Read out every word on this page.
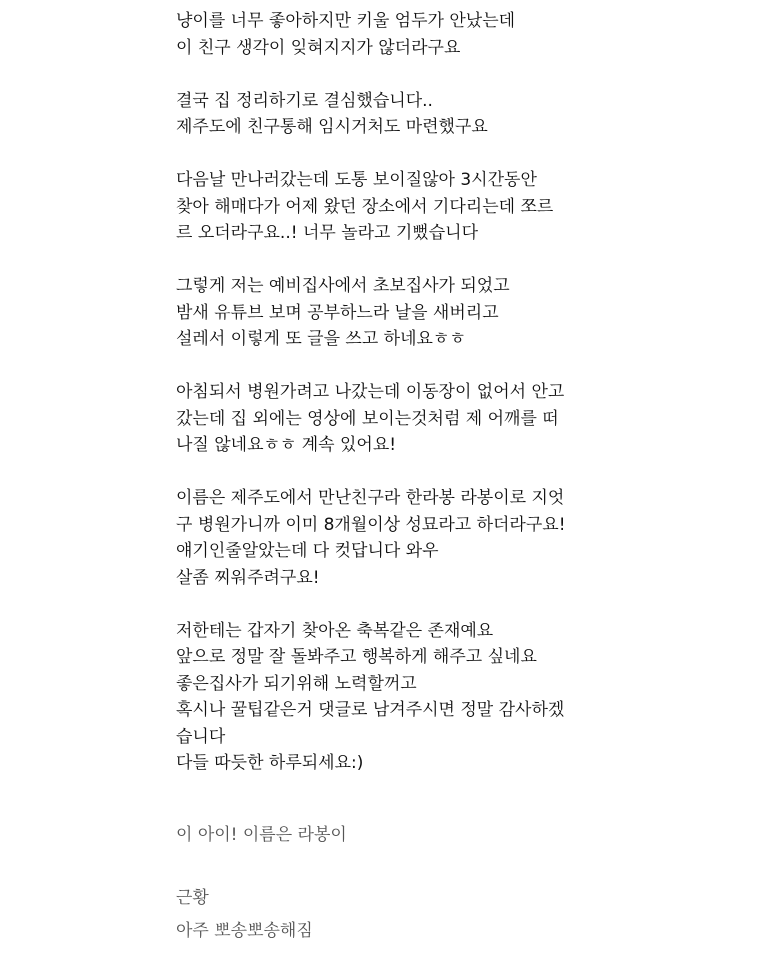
냥이를 너무 좋아하지만 키울 엄두가 안났는데
이 친구 생각이 잊혀지지가 않더라구요
결국 집 정리하기로 결심했습니다..
제주도에 친구통해 임시거처도 마련했구요
다음날 만나러갔는데 도통 보이질않아 3시간동안
찾아 해매다가 어제 왔던 장소에서 기다리는데 쪼르
르 오더라구요..! 너무 놀라고 기뻤습니다
그렇게 저는 예비집사에서 초보집사가 되었고
밤새 유튜브 보며 공부하느라 날을 새버리고
설레서 이렇게 또 글을 쓰고 하네요ㅎㅎ
아침되서 병원가려고 나갔는데 이동장이 없어서 안고
갔는데 집 외에는 영상에 보이는것처럼 제 어깨를 떠
나질 않네요ㅎㅎ 계속 있어요!
이름은 제주도에서 만난친구라 한라봉 라봉이로 지엇
구 병원가니까 이미 8개월이상 성묘라고 하더라구요!
얘기인줄알았는데 다 컷답니다 와우
살좀 찌워주려구요!
저한테는 갑자기 찾아온 축복같은 존재예요
앞으로 정말 잘 돌봐주고 행복하게 해주고 싶네요
좋은집사가 되기위해 노력할꺼고
혹시나 꿀팁같은거 댓글로 남겨주시면 정말 감사하겠
습니다
다들 따듯한 하루되세요:)
이 아이! 이름은 라봉이
근황
아주 뽀송뽀송해짐
